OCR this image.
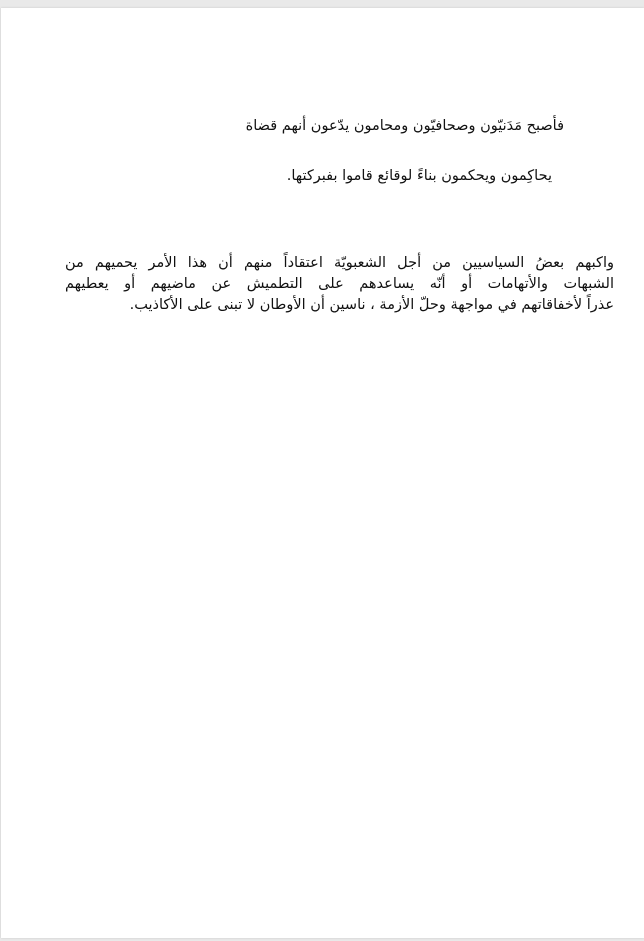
فأصبح مَدَنيّون وصحافيّون ومحامون يدّعون أنهم قضاة
يحاكِمون ويحكمون بناءً لوقائع قاموا بفبركتها.
واكبهم بعضُ السياسيين من أجل الشعبويّة اعتقاداً منهم أن هذا الأمر يحميهم من
الشبهات والأتهامات أو أنّه يساعدهم على التطميش عن ماضيهم أو يعطيهم
عذراً لأخفاقاتهم في مواجهة وحلّ الأزمة ، ناسين أن الأوطان لا تبنى على الأكاذيب.
